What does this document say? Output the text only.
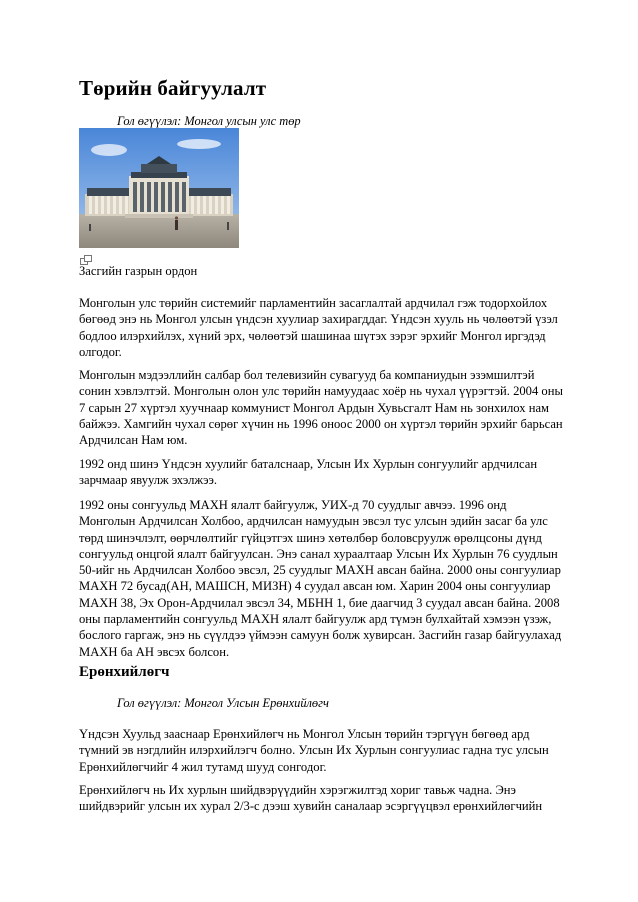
Төрийн байгуулалт

Гол өгүүлэл: Монгол улсын улс төр

Засгийн газрын ордон

Монголын улс төрийн системийг парламентийн засаглалтай ардчилал гэж тодорхойлох бөгөөд энэ нь Монгол улсын үндсэн хуулиар захирагддаг. Үндсэн хууль нь чөлөөтэй үзэл бодлоо илэрхийлэх, хүний эрх, чөлөөтэй шашинаа шүтэх зэрэг эрхийг Монгол иргэдэд олгодог.

Монголын мэдээллийн салбар бол телевизийн сувагууд ба компаниудын эзэмшилтэй сонин хэвлэлтэй. Монголын олон улс төрийн намуудаас хоёр нь чухал үүрэгтэй. 2004 оны 7 сарын 27 хүртэл хуучнаар коммунист Монгол Ардын Хувьсгалт Нам нь зонхилох нам байжээ. Хамгийн чухал сөрөг хүчин нь 1996 оноос 2000 он хүртэл төрийн эрхийг барьсан Ардчилсан Нам юм.

1992 онд шинэ Үндсэн хуулийг баталснаар, Улсын Их Хурлын сонгуулийг ардчилсан зарчмаар явуулж эхэлжээ.

1992 оны сонгуульд МАХН ялалт байгуулж, УИХ-д 70 суудлыг авчээ. 1996 онд Монголын Ардчилсан Холбоо, ардчилсан намуудын эвсэл тус улсын эдийн засаг ба улс төрд шинэчлэлт, өөрчлөлтийг гүйцэтгэх шинэ хөтөлбөр боловсруулж өрөлцсоны дүнд сонгуульд онцгой ялалт байгуулсан. Энэ санал хураалтаар Улсын Их Хурлын 76 суудлын 50-ийг нь Ардчилсан Холбоо эвсэл, 25 суудлыг МАХН авсан байна. 2000 оны сонгуулиар МАХН 72 бусад(АН, МАШСН, МИЗН) 4 суудал авсан юм. Харин 2004 оны сонгуулиар МАХН 38, Эх Орон-Ардчилал эвсэл 34, МБНН 1, бие даагчид 3 суудал авсан байна. 2008 оны парламентийн сонгуульд МАХН ялалт байгуулж ард түмэн булхайтай хэмээн үзэж, бослого гаргаж, энэ нь сүүлдээ үймээн самуун болж хувирсан. Засгийн газар байгуулахад МАХН ба АН эвсэх болсон.

Ерөнхийлөгч

Гол өгүүлэл: Монгол Улсын Ерөнхийлөгч

Үндсэн Хуульд зааснаар Ерөнхийлөгч нь Монгол Улсын төрийн тэргүүн бөгөөд ард түмний эв нэгдлийн илэрхийлэгч болно. Улсын Их Хурлын сонгуулиас гадна тус улсын Ерөнхийлөгчийг 4 жил тутамд шууд сонгодог.

Ерөнхийлөгч нь Их хурлын шийдвэрүүдийн хэрэгжилтэд хориг тавьж чадна. Энэ шийдвэрийг улсын их хурал 2/3-с дээш хувийн саналаар эсэргүүцвэл ерөнхийлөгчийн
